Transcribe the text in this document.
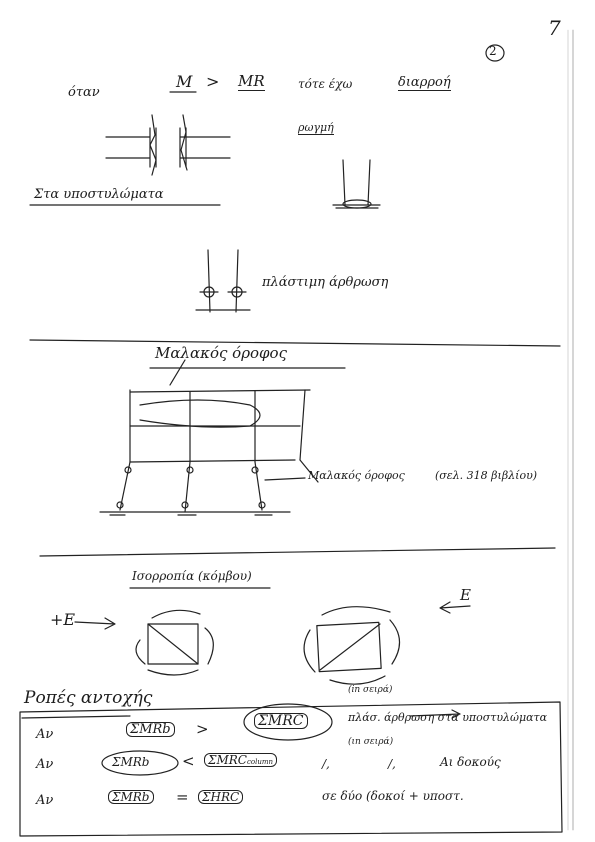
7
2
όταν
M > MR	τότε έχω	διαρροή
ρωγμή
Στα υποστυλώματα
πλάστιμη άρθρωση
Μαλακός όροφος
Μαλακός όροφος	(σελ. 318 βιβλίου)
Ισορροπία (κόμβου)
+E
E
Ροπές αντοχής	(in σειρά)
Αν	ΣMRb >	ΣMRC	πλάσ. άρθρωση στα υποστυλώματα
(ιn σειρά)
Αν	ΣMRb <	ΣMRCcolumn	/,	/,	Αι δοκούς
Αν	ΣMRb =	ΣHRC	σε δύο (δοκοί + υποστ.
